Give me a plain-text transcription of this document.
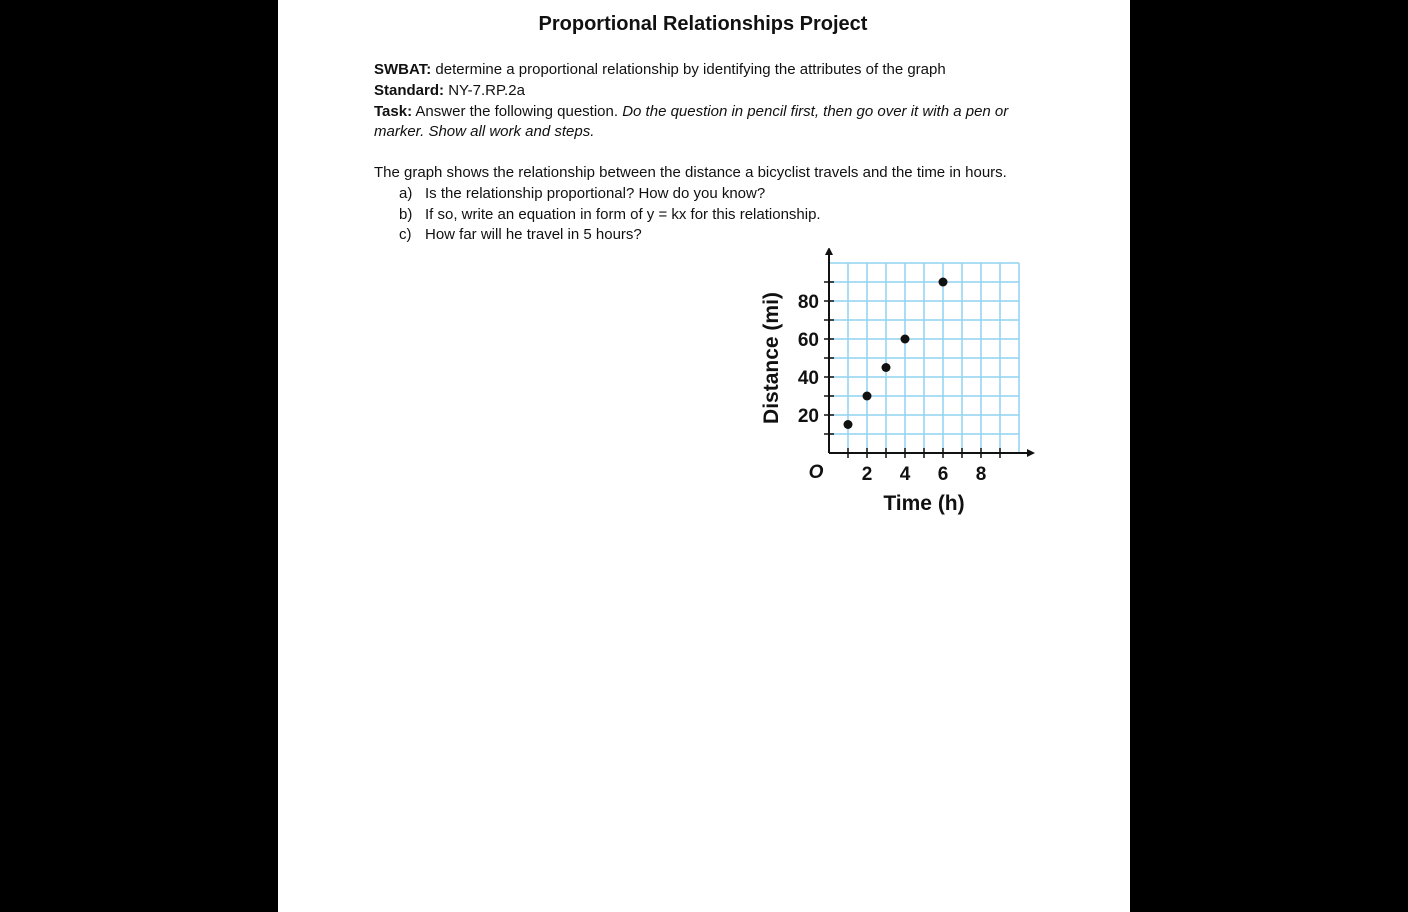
Proportional Relationships Project
SWBAT: determine a proportional relationship by identifying the attributes of the graph
Standard: NY-7.RP.2a
Task: Answer the following question. Do the question in pencil first, then go over it with a pen or
marker. Show all work and steps.
The graph shows the relationship between the distance a bicyclist travels and the time in hours.
a) Is the relationship proportional? How do you know?
b) If so, write an equation in form of y = kx for this relationship.
c) How far will he travel in 5 hours?
2 4 6 8
20
40
60
80
O
Time (h)
Distance (mi)
